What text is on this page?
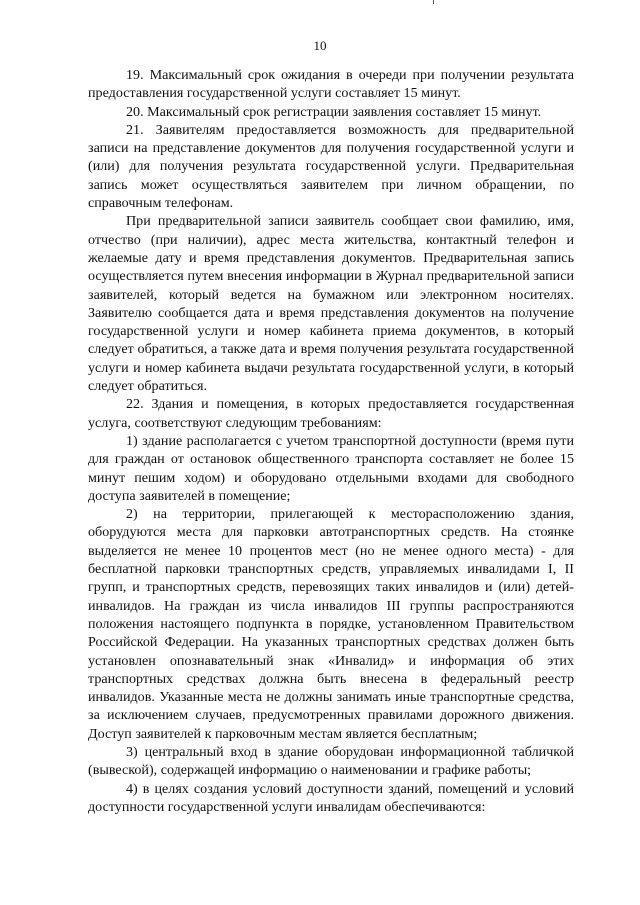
10

19. Максимальный срок ожидания в очереди при получении результата предоставления государственной услуги составляет 15 минут.

20. Максимальный срок регистрации заявления составляет 15 минут.

21. Заявителям предоставляется возможность для предварительной записи на представление документов для получения государственной услуги и (или) для получения результата государственной услуги. Предварительная запись может осуществляться заявителем при личном обращении, по справочным телефонам.

При предварительной записи заявитель сообщает свои фамилию, имя, отчество (при наличии), адрес места жительства, контактный телефон и желаемые дату и время представления документов. Предварительная запись осуществляется путем внесения информации в Журнал предварительной записи заявителей, который ведется на бумажном или электронном носителях. Заявителю сообщается дата и время представления документов на получение государственной услуги и номер кабинета приема документов, в который следует обратиться, а также дата и время получения результата государственной услуги и номер кабинета выдачи результата государственной услуги, в который следует обратиться.

22. Здания и помещения, в которых предоставляется государственная услуга, соответствуют следующим требованиям:

1) здание располагается с учетом транспортной доступности (время пути для граждан от остановок общественного транспорта составляет не более 15 минут пешим ходом) и оборудовано отдельными входами для свободного доступа заявителей в помещение;

2) на территории, прилегающей к месторасположению здания, оборудуются места для парковки автотранспортных средств. На стоянке выделяется не менее 10 процентов мест (но не менее одного места) - для бесплатной парковки транспортных средств, управляемых инвалидами I, II групп, и транспортных средств, перевозящих таких инвалидов и (или) детей-инвалидов. На граждан из числа инвалидов III группы распространяются положения настоящего подпункта в порядке, установленном Правительством Российской Федерации. На указанных транспортных средствах должен быть установлен опознавательный знак «Инвалид» и информация об этих транспортных средствах должна быть внесена в федеральный реестр инвалидов. Указанные места не должны занимать иные транспортные средства, за исключением случаев, предусмотренных правилами дорожного движения. Доступ заявителей к парковочным местам является бесплатным;

3) центральный вход в здание оборудован информационной табличкой (вывеской), содержащей информацию о наименовании и графике работы;

4) в целях создания условий доступности зданий, помещений и условий доступности государственной услуги инвалидам обеспечиваются:
